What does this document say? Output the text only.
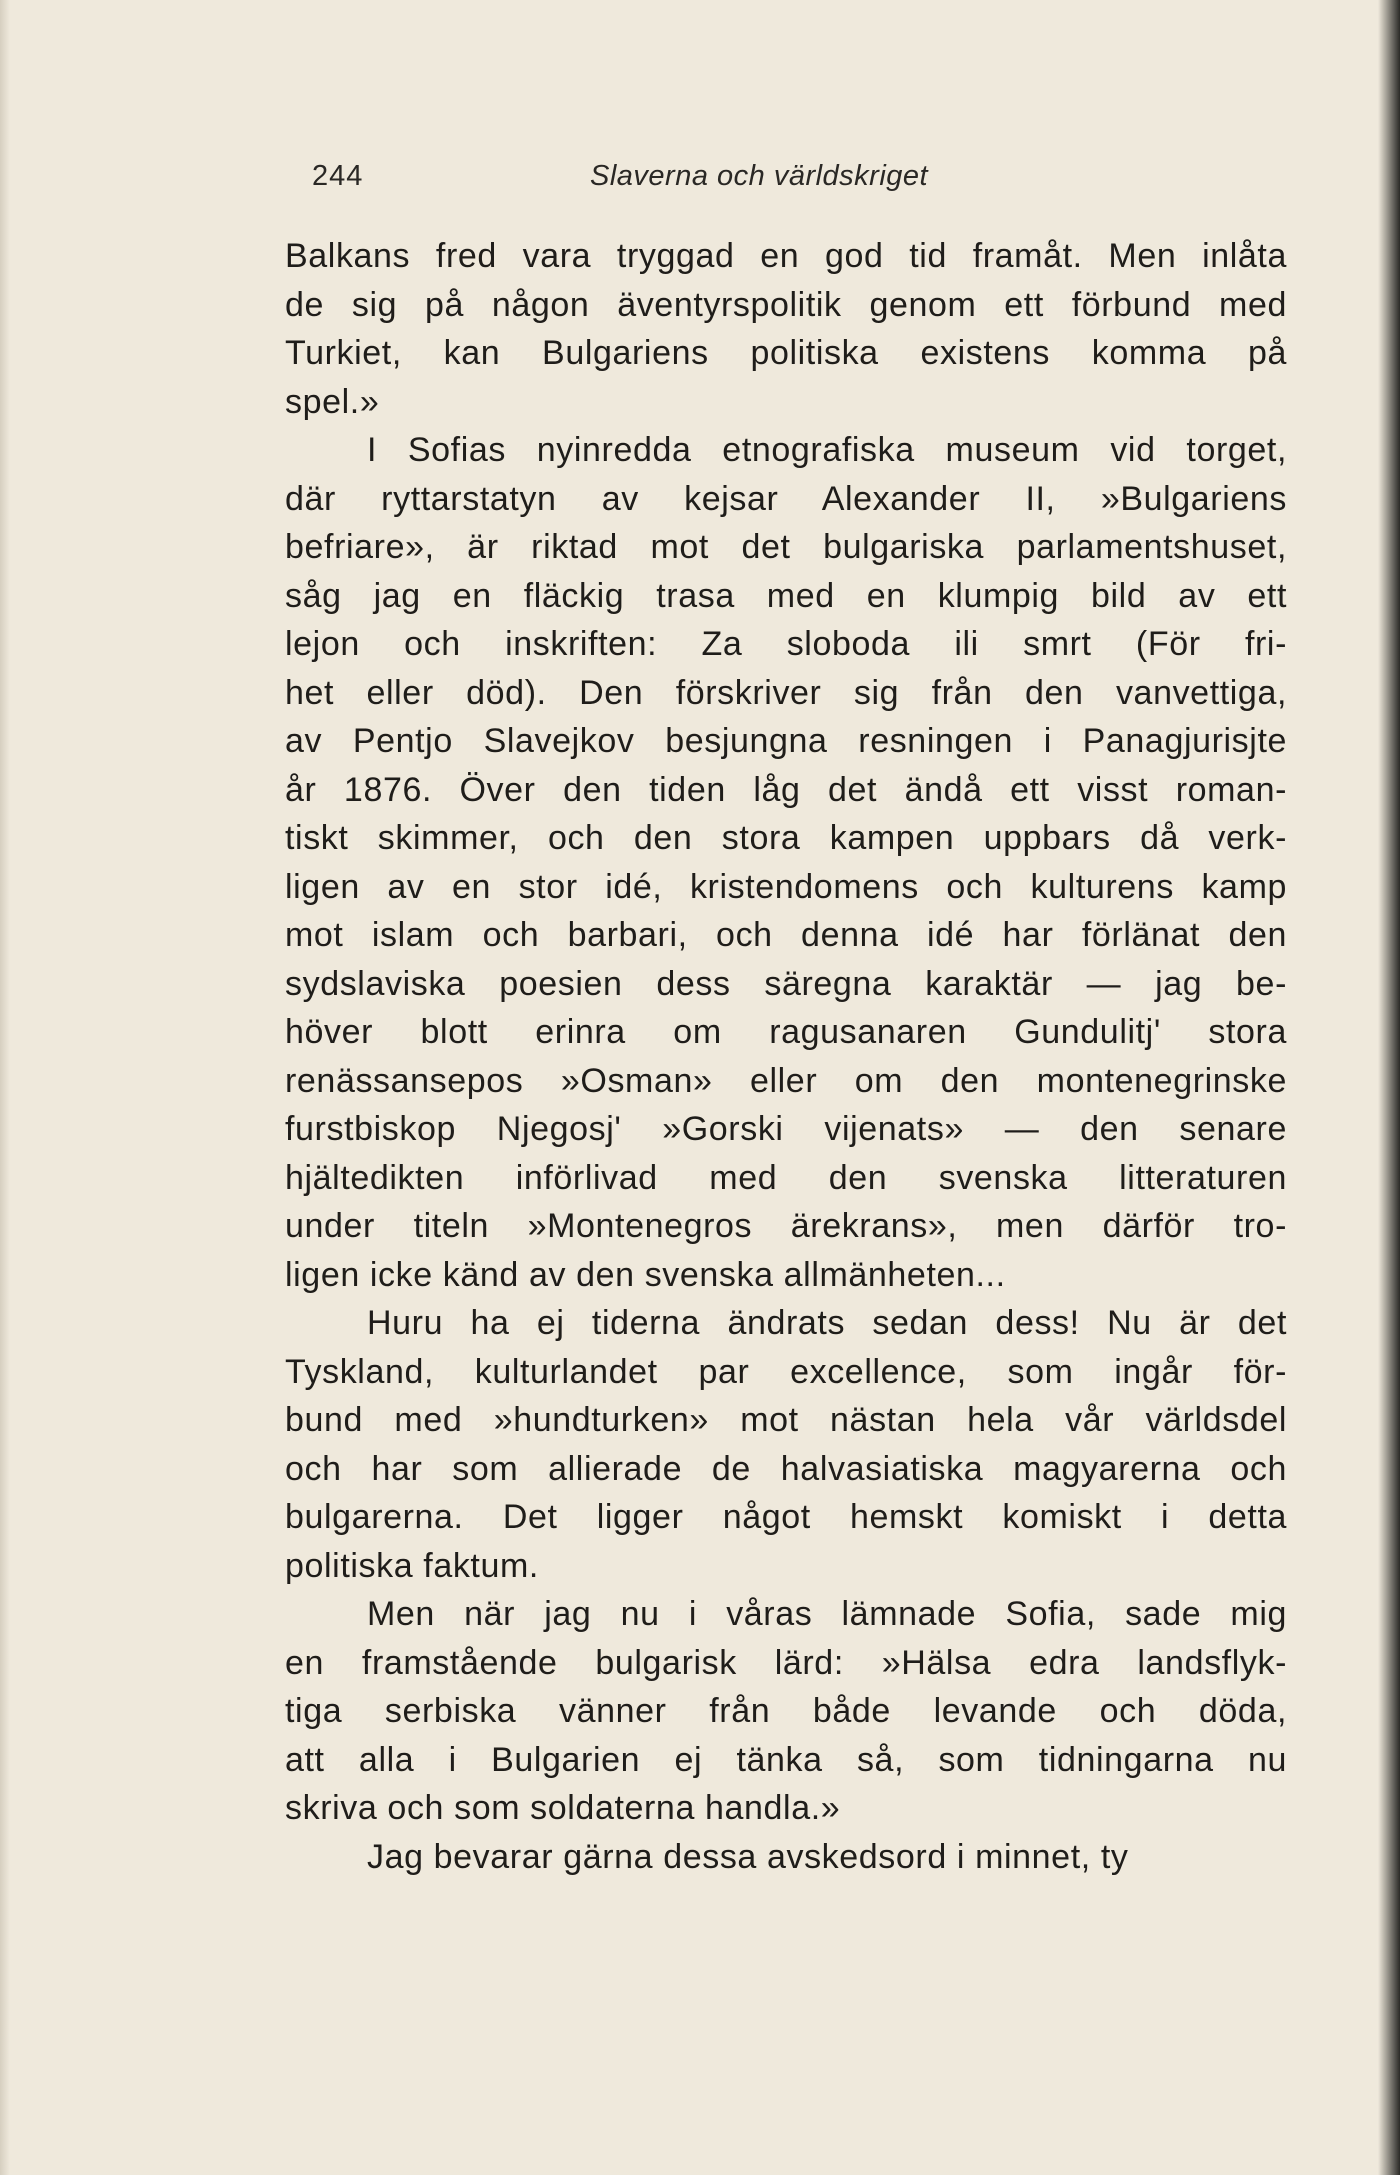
244	Slaverna och världskriget
Balkans fred vara tryggad en god tid framåt. Men inlåta
de sig på någon äventyrspolitik genom ett förbund med
Turkiet, kan Bulgariens politiska existens komma på
spel.»
I Sofias nyinredda etnografiska museum vid torget,
där ryttarstatyn av kejsar Alexander II, »Bulgariens
befriare», är riktad mot det bulgariska parlamentshuset,
såg jag en fläckig trasa med en klumpig bild av ett
lejon och inskriften: Za sloboda ili smrt (För fri-
het eller död). Den förskriver sig från den vanvettiga,
av Pentjo Slavejkov besjungna resningen i Panagjurisjte
år 1876. Över den tiden låg det ändå ett visst roman-
tiskt skimmer, och den stora kampen uppbars då verk-
ligen av en stor idé, kristendomens och kulturens kamp
mot islam och barbari, och denna idé har förlänat den
sydslaviska poesien dess säregna karaktär — jag be-
höver blott erinra om ragusanaren Gundulitj' stora
renässansepos »Osman» eller om den montenegrinske
furstbiskop Njegosj' »Gorski vijenats» — den senare
hjältedikten införlivad med den svenska litteraturen
under titeln »Montenegros ärekrans», men därför tro-
ligen icke känd av den svenska allmänheten...
Huru ha ej tiderna ändrats sedan dess! Nu är det
Tyskland, kulturlandet par excellence, som ingår för-
bund med »hundturken» mot nästan hela vår världsdel
och har som allierade de halvasiatiska magyarerna och
bulgarerna. Det ligger något hemskt komiskt i detta
politiska faktum.
Men när jag nu i våras lämnade Sofia, sade mig
en framstående bulgarisk lärd: »Hälsa edra landsflyk-
tiga serbiska vänner från både levande och döda,
att alla i Bulgarien ej tänka så, som tidningarna nu
skriva och som soldaterna handla.»
Jag bevarar gärna dessa avskedsord i minnet, ty
